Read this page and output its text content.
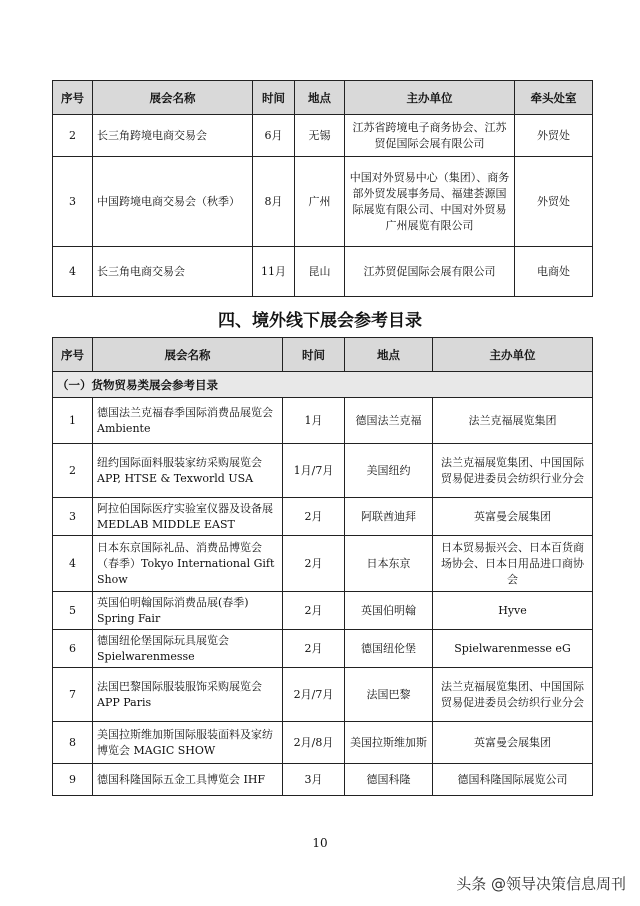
序号	展会名称	时间	地点	主办单位	牵头处室
2	长三角跨境电商交易会	6月	无锡	江苏省跨境电子商务协会、江苏贸促国际会展有限公司	外贸处
3	中国跨境电商交易会（秋季）	8月	广州	中国对外贸易中心（集团）、商务部外贸发展事务局、福建荟源国际展览有限公司、中国对外贸易广州展览有限公司	外贸处
4	长三角电商交易会	11月	昆山	江苏贸促国际会展有限公司	电商处
四、境外线下展会参考目录
序号	展会名称	时间	地点	主办单位
（一）货物贸易类展会参考目录				
1	德国法兰克福春季国际消费品展览会 Ambiente	1月	德国法兰克福	法兰克福展览集团
2	纽约国际面料服装家纺采购展览会 APP, HTSE & Texworld USA	1月/7月	美国纽约	法兰克福展览集团、中国国际贸易促进委员会纺织行业分会
3	阿拉伯国际医疗实验室仪器及设备展 MEDLAB MIDDLE EAST	2月	阿联酋迪拜	英富曼会展集团
4	日本东京国际礼品、消费品博览会（春季）Tokyo International Gift Show	2月	日本东京	日本贸易振兴会、日本百货商场协会、日本日用品进口商协会
5	英国伯明翰国际消费品展(春季) Spring Fair	2月	英国伯明翰	Hyve
6	德国纽伦堡国际玩具展览会 Spielwarenmesse	2月	德国纽伦堡	Spielwarenmesse eG
7	法国巴黎国际服装服饰采购展览会 APP Paris	2月/7月	法国巴黎	法兰克福展览集团、中国国际贸易促进委员会纺织行业分会
8	美国拉斯维加斯国际服装面料及家纺博览会 MAGIC SHOW	2月/8月	美国拉斯维加斯	英富曼会展集团
9	德国科隆国际五金工具博览会 IHF	3月	德国科隆	德国科隆国际展览公司
10
头条 @领导决策信息周刊
